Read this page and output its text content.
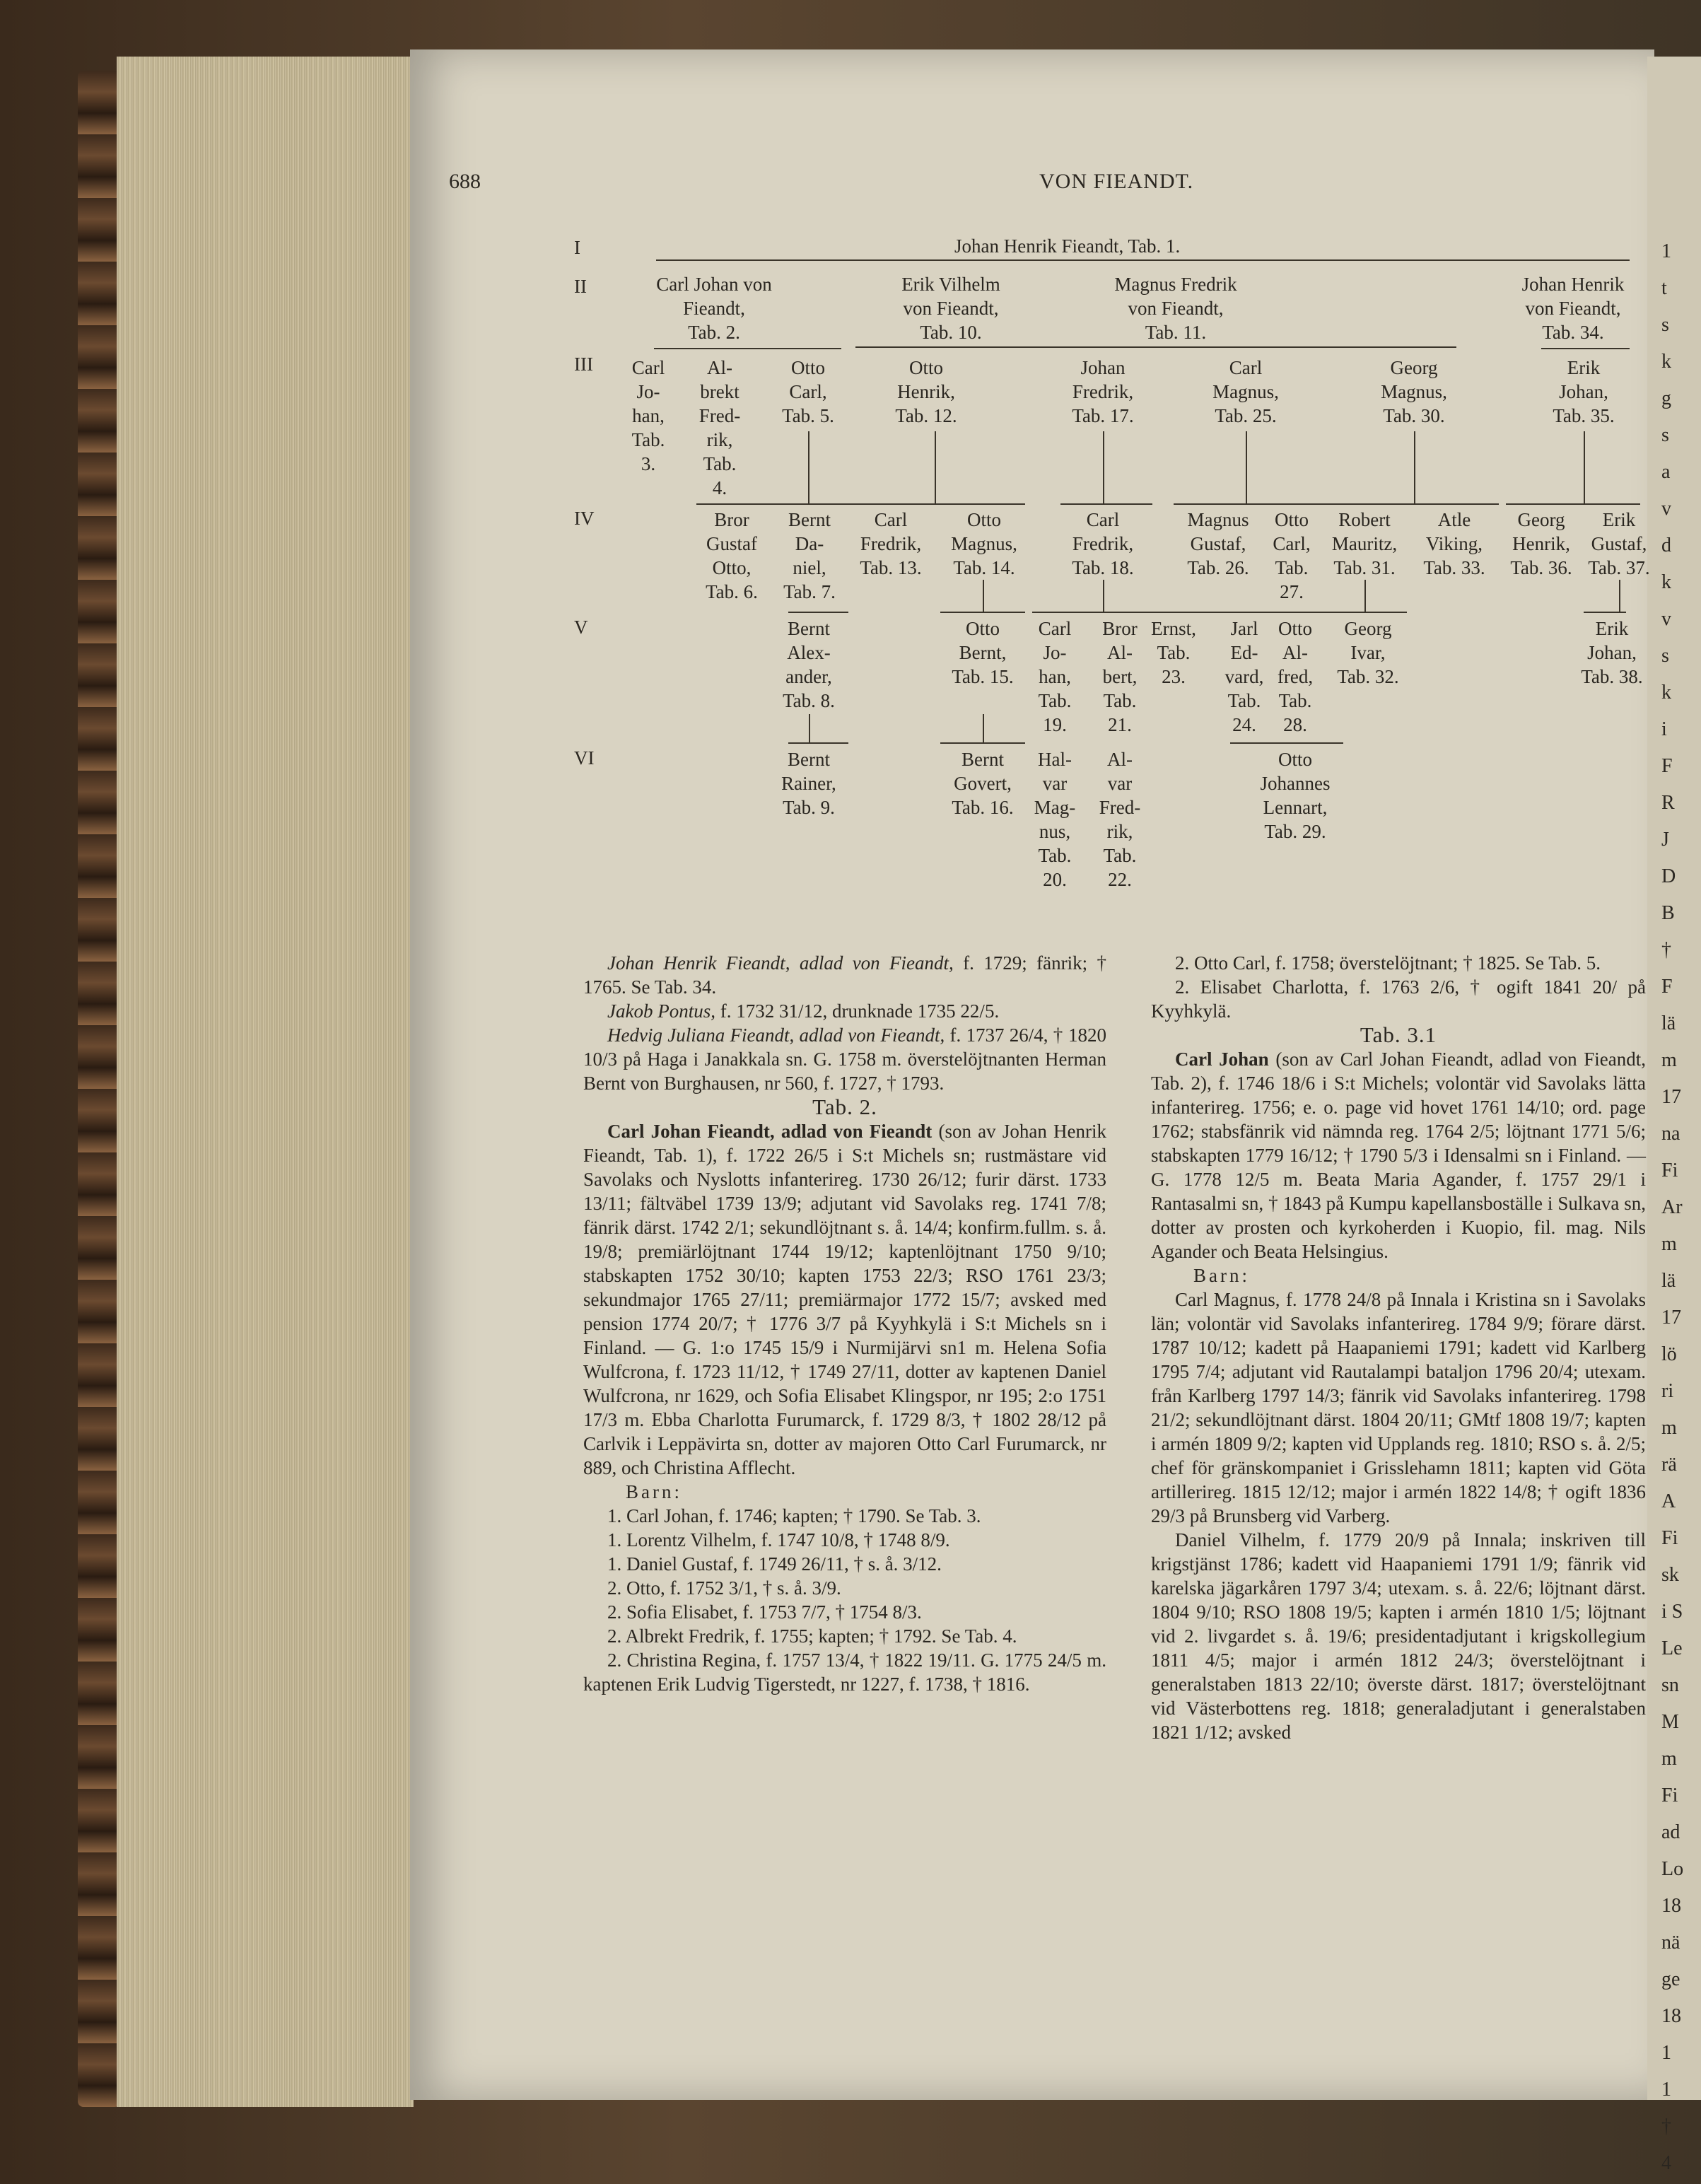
1
t
s
k
g
s
a
v
d
k
v
s
k
i
F
R
J
D
B
†
F
lä
m
17
na
Fi
Ar
m
lä
17
lö
ri
m
rä
A
Fi
sk
i S
Le
sn
M
m
Fi
ad
Lo
18
nä
ge
18
1
1
†
4
688	VON FIEANDT.
I
II
III
IV
V
VI
Johan Henrik Fieandt, Tab. 1.
Carl Johan von
Fieandt,
Tab. 2.
Erik Vilhelm
von Fieandt,
Tab. 10.
Magnus Fredrik
von Fieandt,
Tab. 11.
Johan Henrik
von Fieandt,
Tab. 34.
Carl
Jo-
han,
Tab.
3.
Al-
brekt
Fred-
rik,
Tab.
4.
Otto
Carl,
Tab. 5.
Otto
Henrik,
Tab. 12.
Johan
Fredrik,
Tab. 17.
Carl
Magnus,
Tab. 25.
Georg
Magnus,
Tab. 30.
Erik
Johan,
Tab. 35.
Bror
Gustaf
Otto,
Tab. 6.
Bernt
Da-
niel,
Tab. 7.
Carl
Fredrik,
Tab. 13.
Otto
Magnus,
Tab. 14.
Carl
Fredrik,
Tab. 18.
Magnus
Gustaf,
Tab. 26.
Otto
Carl,
Tab.
27.
Robert
Mauritz,
Tab. 31.
Atle
Viking,
Tab. 33.
Georg
Henrik,
Tab. 36.
Erik
Gustaf,
Tab. 37.
Bernt
Alex-
ander,
Tab. 8.
Otto
Bernt,
Tab. 15.
Carl
Jo-
han,
Tab.
19.
Bror
Al-
bert,
Tab.
21.
Ernst,
Tab.
23.
Jarl
Ed-
vard,
Tab.
24.
Otto
Al-
fred,
Tab.
28.
Georg
Ivar,
Tab. 32.
Erik
Johan,
Tab. 38.
Bernt
Rainer,
Tab. 9.
Bernt
Govert,
Tab. 16.
Hal-
var
Mag-
nus,
Tab.
20.
Al-
var
Fred-
rik,
Tab.
22.
Otto
Johannes
Lennart,
Tab. 29.

Johan Henrik Fieandt, adlad von Fieandt, f. 1729; fänrik; † 1765. Se Tab. 34.

Jakob Pontus, f. 1732 31/12, drunknade 1735 22/5.

Hedvig Juliana Fieandt, adlad von Fieandt, f. 1737 26/4, † 1820 10/3 på Haga i Janakkala sn. G. 1758 m. överstelöjtnanten Herman Bernt von Burghausen, nr 560, f. 1727, † 1793.

Tab. 2.

Carl Johan Fieandt, adlad von Fieandt (son av Johan Henrik Fieandt, Tab. 1), f. 1722 26/5 i S:t Michels sn; rustmästare vid Savolaks och Nyslotts infanterireg. 1730 26/12; furir därst. 1733 13/11; fältväbel 1739 13/9; adjutant vid Savolaks reg. 1741 7/8; fänrik därst. 1742 2/1; sekundlöjtnant s. å. 14/4; konfirm.fullm. s. å. 19/8; premiärlöjtnant 1744 19/12; kaptenlöjtnant 1750 9/10; stabskapten 1752 30/10; kapten 1753 22/3; RSO 1761 23/3; sekundmajor 1765 27/11; premiärmajor 1772 15/7; avsked med pension 1774 20/7; † 1776 3/7 på Kyyhkylä i S:t Michels sn i Finland. — G. 1:o 1745 15/9 i Nurmijärvi sn1 m. Helena Sofia Wulfcrona, f. 1723 11/12, † 1749 27/11, dotter av kaptenen Daniel Wulfcrona, nr 1629, och Sofia Elisabet Klingspor, nr 195; 2:o 1751 17/3 m. Ebba Charlotta Furumarck, f. 1729 8/3, † 1802 28/12 på Carlvik i Leppävirta sn, dotter av majoren Otto Carl Furumarck, nr 889, och Christina Afflecht.

Barn:

1. Carl Johan, f. 1746; kapten; † 1790. Se Tab. 3.

1. Lorentz Vilhelm, f. 1747 10/8, † 1748 8/9.

1. Daniel Gustaf, f. 1749 26/11, † s. å. 3/12.

2. Otto, f. 1752 3/1, † s. å. 3/9.

2. Sofia Elisabet, f. 1753 7/7, † 1754 8/3.

2. Albrekt Fredrik, f. 1755; kapten; † 1792. Se Tab. 4.

2. Christina Regina, f. 1757 13/4, † 1822 19/11. G. 1775 24/5 m. kaptenen Erik Ludvig Tigerstedt, nr 1227, f. 1738, † 1816.

2. Otto Carl, f. 1758; överstelöjtnant; † 1825. Se Tab. 5.

2. Elisabet Charlotta, f. 1763 2/6, † ogift 1841 20/ på Kyyhkylä.

Tab. 3.1

Carl Johan (son av Carl Johan Fieandt, adlad von Fieandt, Tab. 2), f. 1746 18/6 i S:t Michels; volontär vid Savolaks lätta infanterireg. 1756; e. o. page vid hovet 1761 14/10; ord. page 1762; stabsfänrik vid nämnda reg. 1764 2/5; löjtnant 1771 5/6; stabskapten 1779 16/12; † 1790 5/3 i Idensalmi sn i Finland. — G. 1778 12/5 m. Beata Maria Agander, f. 1757 29/1 i Rantasalmi sn, † 1843 på Kumpu kapellansboställe i Sulkava sn, dotter av prosten och kyrkoherden i Kuopio, fil. mag. Nils Agander och Beata Helsingius.

Barn:

Carl Magnus, f. 1778 24/8 på Innala i Kristina sn i Savolaks län; volontär vid Savolaks infanterireg. 1784 9/9; förare därst. 1787 10/12; kadett på Haapaniemi 1791; kadett vid Karlberg 1795 7/4; adjutant vid Rautalampi bataljon 1796 20/4; utexam. från Karlberg 1797 14/3; fänrik vid Savolaks infanterireg. 1798 21/2; sekundlöjtnant därst. 1804 20/11; GMtf 1808 19/7; kapten i armén 1809 9/2; kapten vid Upplands reg. 1810; RSO s. å. 2/5; chef för gränskompaniet i Grisslehamn 1811; kapten vid Göta artillerireg. 1815 12/12; major i armén 1822 14/8; † ogift 1836 29/3 på Brunsberg vid Varberg.

Daniel Vilhelm, f. 1779 20/9 på Innala; inskriven till krigstjänst 1786; kadett vid Haapaniemi 1791 1/9; fänrik vid karelska jägarkåren 1797 3/4; utexam. s. å. 22/6; löjtnant därst. 1804 9/10; RSO 1808 19/5; kapten i armén 1810 1/5; löjtnant vid 2. livgardet s. å. 19/6; presidentadjutant i krigskollegium 1811 4/5; major i armén 1812 24/3; överstelöjtnant i generalstaben 1813 22/10; överste därst. 1817; överstelöjtnant vid Västerbottens reg. 1818; generaladjutant i generalstaben 1821 1/12; avsked
